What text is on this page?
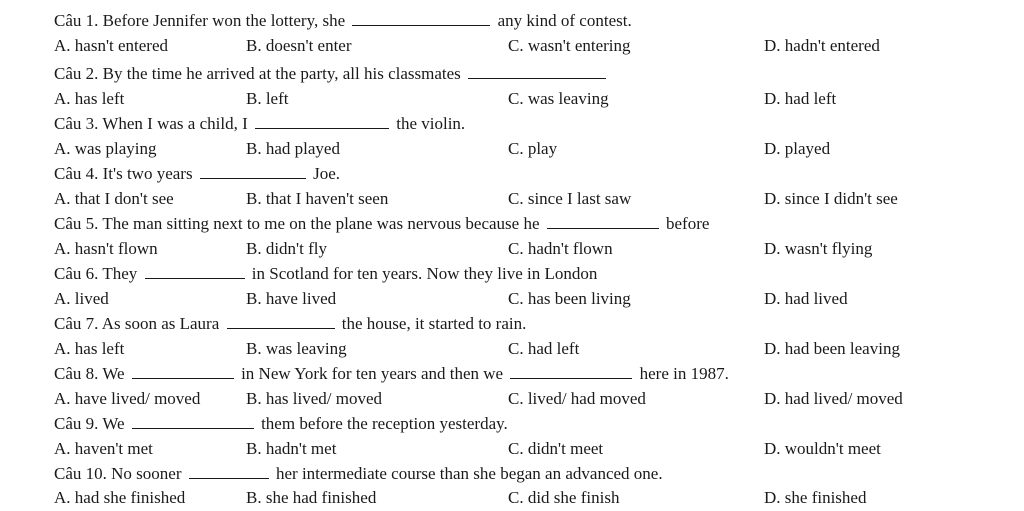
Câu 1. Before Jennifer won the lottery, she	any kind of contest.
A. hasn't entered	B. doesn't enter	C. wasn't entering	D. hadn't entered
Câu 2. By the time he arrived at the party, all his classmates
A. has left	B. left	C. was leaving	D. had left
Câu 3. When I was a child, I	the violin.
A. was playing	B. had played	C. play	D. played
Câu 4. It's two years	Joe.
A. that I don't see	B. that I haven't seen	C. since I last saw	D. since I didn't see
Câu 5. The man sitting next to me on the plane was nervous because he	before
A. hasn't flown	B. didn't fly	C. hadn't flown	D. wasn't flying
Câu 6. They	in Scotland for ten years. Now they live in London
A. lived	B. have lived	C. has been living	D. had lived
Câu 7. As soon as Laura	the house, it started to rain.
A. has left	B. was leaving	C. had left	D. had been leaving
Câu 8. We	in New York for ten years and then we	here in 1987.
A. have lived/ moved	B. has lived/ moved	C. lived/ had moved	D. had lived/ moved
Câu 9. We	them before the reception yesterday.
A. haven't met	B. hadn't met	C. didn't meet	D. wouldn't meet
Câu 10. No sooner	her intermediate course than she began an advanced one.
A. had she finished	B. she had finished	C. did she finish	D. she finished
